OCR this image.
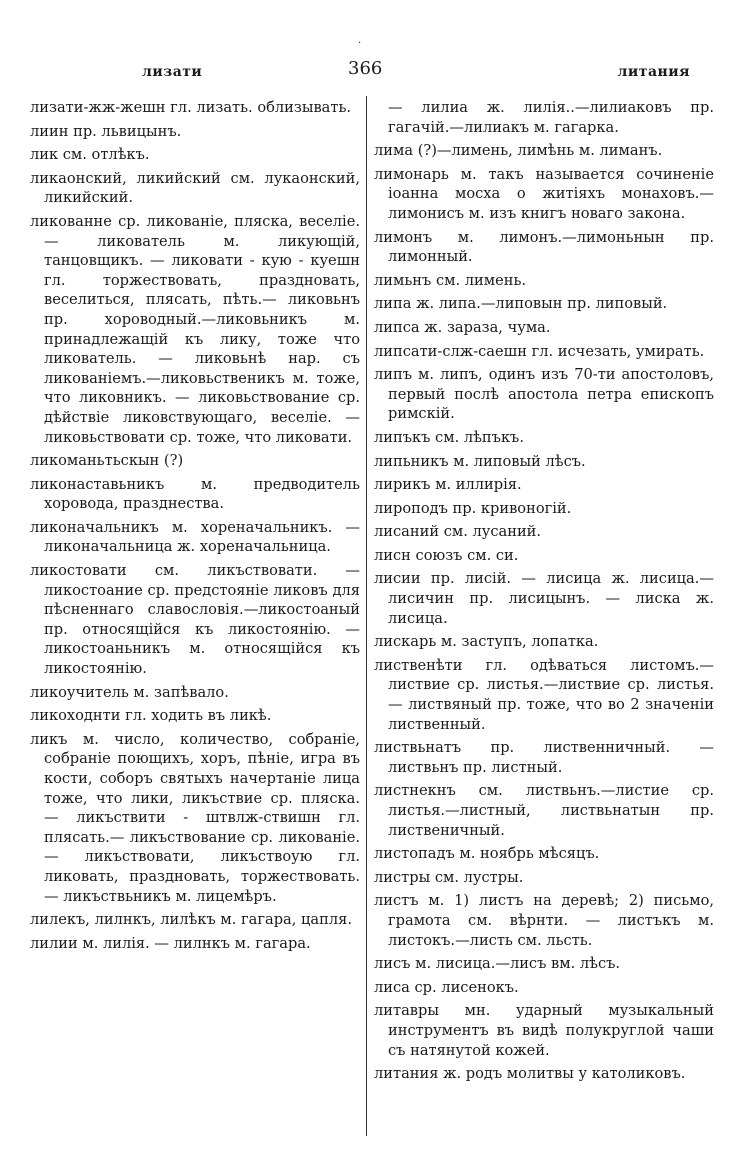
·
лизати	366	литания

лизати-жж-жешн гл. лизать. облизывать.

лиин пр. львицынъ.

лик см. отлѣкъ.

ликаонский, ликийский см. лукаонский, ликийский.

ликованне ср. ликованіе, пляска, веселіе. — ликователь м. ликующій, танцовщикъ. — ликовати - кую - куешн гл. торжествовать, праздновать, веселиться, плясать, пѣть.— ликовьнъ пр. хороводный.—ликовьникъ м. принадлежащій къ лику, тоже что ликователь. — ликовьнѣ нар. съ ликованіемъ.—ликовьственикъ м. тоже, что ликовникъ. — ликовьствование ср. дѣйствіе ликовствующаго, веселіе. — ликовьствовати ср. тоже, что ликовати.

ликоманьтьскын (?)

ликонаставьникъ м. предводитель хоровода, празднества.

ликоначальникъ м. хореначальникъ. —ликоначальница ж. хореначальница.

ликостовати см. ликъствовати. — ликостоание ср. предстояніе ликовъ для пѣсненнаго славословія.—ликостоаный пр. относящійся къ ликостоянію. — ликостоаньникъ м. относящійся къ ликостоянію.

ликоучитель м. запѣвало.

ликоходнти гл. ходить въ ликѣ.

ликъ м. число, количество, собраніе, собраніе поющихъ, хоръ, пѣніе, игра въ кости, соборъ святыхъ начертаніе лица тоже, что лики, ликъствие ср. пляска. — ликъствити - штвлж-ствишн гл. плясать.— ликъствование ср. ликованіе. — ликъствовати, ликъствоую гл. ликовать, праздновать, торжествовать. — ликъствьникъ м. лицемѣръ.

лилекъ, лилнкъ, лилѣкъ м. гагара, цапля.

лилии м. лилія. — лилнкъ м. гагара.

— лилиа ж. лилія..—лилиаковъ пр. гагачій.—лилиакъ м. гагарка.

лима (?)—лимень, лимѣнь м. лиманъ.

лимонарь м. такъ называется сочиненіе іоанна мосха о житіяхъ монаховъ.—лимонисъ м. изъ книгъ новаго закона.

лимонъ м. лимонъ.—лимоньнын пр. лимонный.

лимьнъ см. лимень.

липа ж. липа.—липовын пр. липовый.

липса ж. зараза, чума.

липсати-слж-саешн гл. исчезать, умирать.

липъ м. липъ, одинъ изъ 70-ти апостоловъ, первый послѣ апостола петра епископъ римскій.

липъкъ см. лѣпъкъ.

липьникъ м. липовый лѣсъ.

лирикъ м. иллирія.

лироподъ пр. кривоногій.

лисаний см. лусаний.

лисн союзъ см. си.

лисии пр. лисій. — лисица ж. лисица.—лисичин пр. лисицынъ. — лиска ж. лисица.

лискарь м. заступъ, лопатка.

лиственѣти гл. одѣваться листомъ.— листвие ср. листья.—листвие ср. листья. — листвяный пр. тоже, что во 2 значеніи лиственный.

листвьнатъ пр. лиственничный. — листвьнъ пр. листный.

листнекнъ см. листвьнъ.—листие ср. листья.—листный, листвьнатын пр. лиственичный.

листопадъ м. ноябрь мѣсяцъ.

листры см. лустры.

листъ м. 1) листъ на деревѣ; 2) письмо, грамота см. вѣрнти. — листъкъ м. листокъ.—листь см. льсть.

лисъ м. лисица.—лисъ вм. лѣсъ.

лиса ср. лисенокъ.

литавры мн. ударный музыкальный инструментъ въ видѣ полукруглой чаши съ натянутой кожей.

литания ж. родъ молитвы у католиковъ.
